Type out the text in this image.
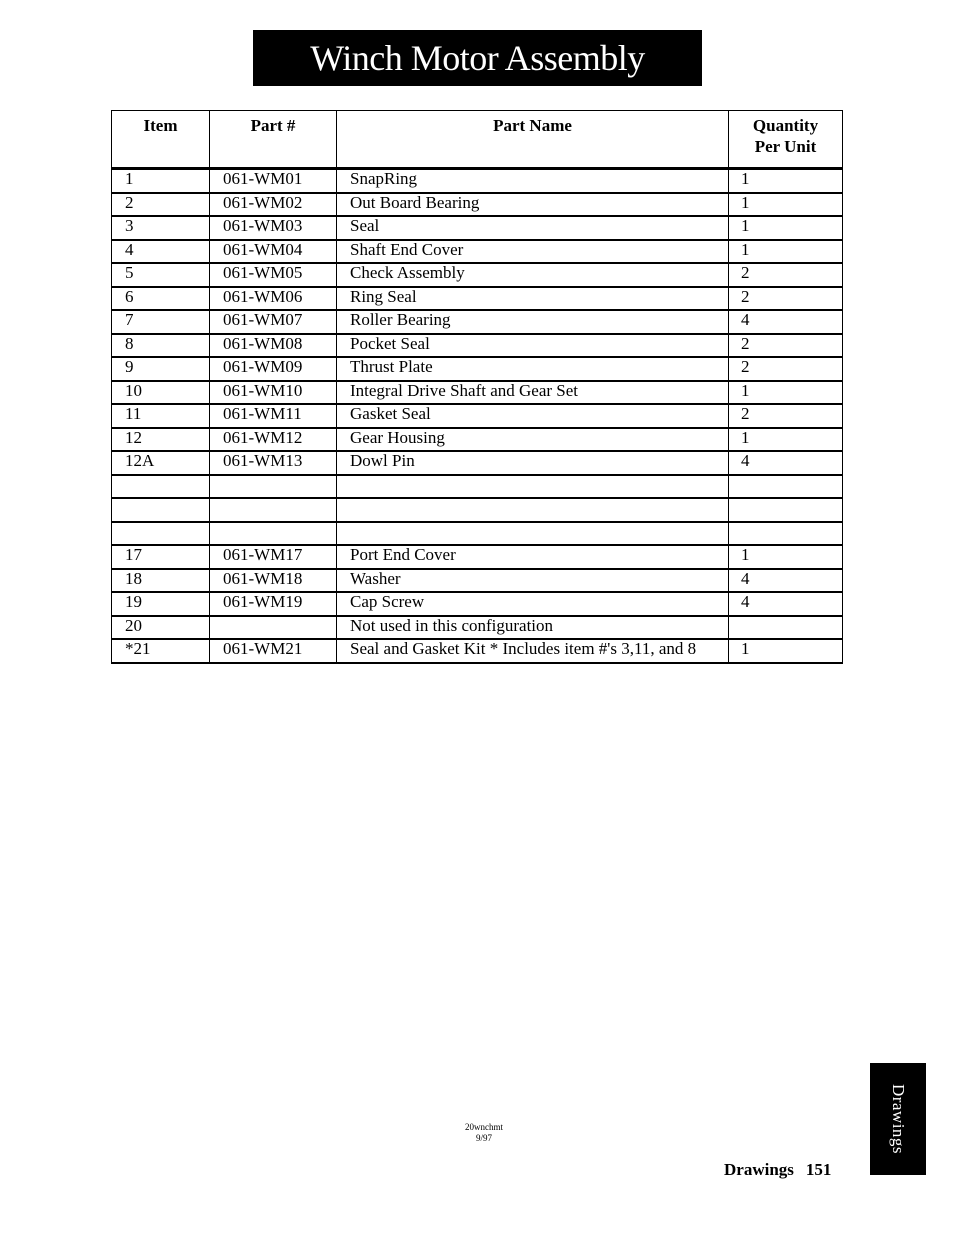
Winch Motor Assembly
Item	Part #	Part Name	Quantity
Per Unit
1	061-WM01	SnapRing	1
2	061-WM02	Out Board Bearing	1
3	061-WM03	Seal	1
4	061-WM04	Shaft End Cover	1
5	061-WM05	Check Assembly	2
6	061-WM06	Ring Seal	2
7	061-WM07	Roller Bearing	4
8	061-WM08	Pocket Seal	2
9	061-WM09	Thrust Plate	2
10	061-WM10	Integral Drive Shaft and Gear Set	1
11	061-WM11	Gasket Seal	2
12	061-WM12	Gear Housing	1
12A	061-WM13	Dowl Pin	4

17	061-WM17	Port End Cover	1
18	061-WM18	Washer	4
19	061-WM19	Cap Screw	4
20		Not used in this configuration	
*21	061-WM21	Seal and Gasket Kit * Includes item #'s 3,11, and 8	1
20wnchmt
9/97
Drawings 151
Drawings
